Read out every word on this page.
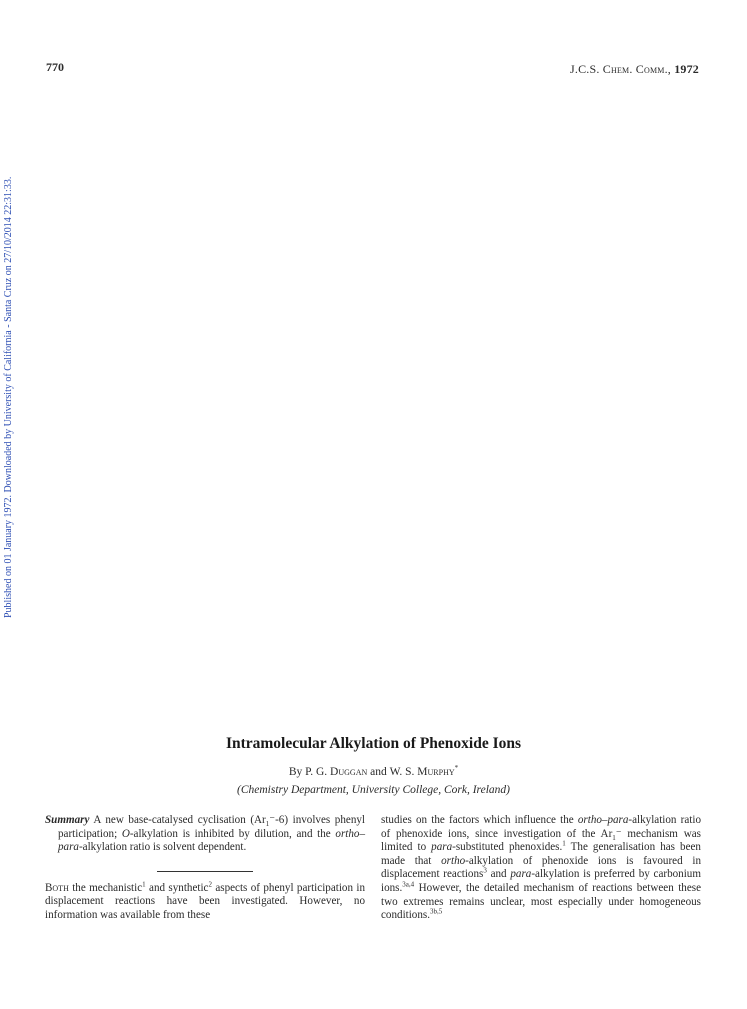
770	J.C.S. Chem. Comm., 1972
Published on 01 January 1972. Downloaded by University of California - Santa Cruz on 27/10/2014 22:31:33.
Intramolecular Alkylation of Phenoxide Ions
By P. G. Duggan and W. S. Murphy*
(Chemistry Department, University College, Cork, Ireland)

Summary A new base-catalysed cyclisation $(Ar_1^--6)$ involves phenyl participation; O-alkylation is inhibited by dilution, and the ortho–para-alkylation ratio is solvent dependent.

Both the mechanistic$^1$ and synthetic$^2$ aspects of phenyl participation in displacement reactions have been investigated. However, no information was available from these

studies on the factors which influence the ortho–para-alkylation ratio of phenoxide ions, since investigation of the $Ar_1^-$ mechanism was limited to para-substituted phenoxides.$^1$ The generalisation has been made that ortho-alkylation of phenoxide ions is favoured in displacement reactions$^3$ and para-alkylation is preferred by carbonium ions.$^{3a,4}$ However, the detailed mechanism of reactions between these two extremes remains unclear, most especially under homogeneous conditions.$^{3b,5}$
